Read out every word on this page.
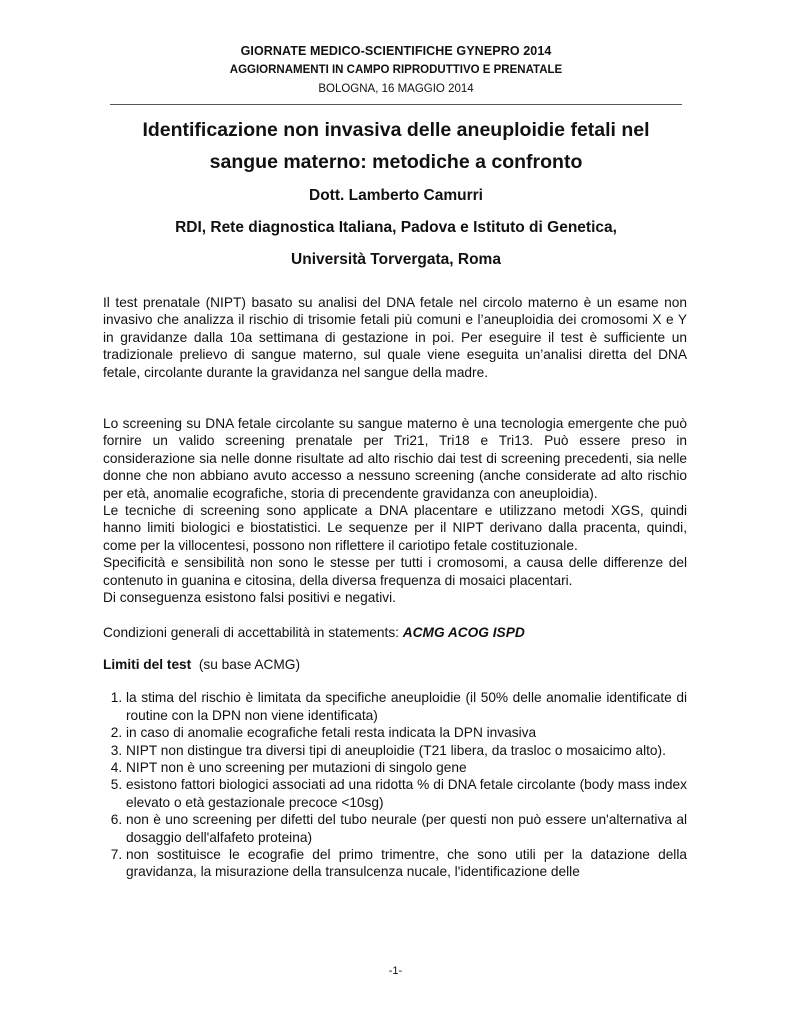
GIORNATE MEDICO-SCIENTIFICHE GYNEPRO 2014
AGGIORNAMENTI IN CAMPO RIPRODUTTIVO E PRENATALE
BOLOGNA, 16 MAGGIO 2014
Identificazione non invasiva delle aneuploidie fetali nel
sangue materno: metodiche a confronto
Dott. Lamberto Camurri
RDI, Rete diagnostica Italiana, Padova e Istituto di Genetica,
Università Torvergata, Roma

Il test prenatale (NIPT) basato su analisi del DNA fetale nel circolo materno è un esame non invasivo che analizza il rischio di trisomie fetali più comuni e l’aneuploidia dei cromosomi X e Y in gravidanze dalla 10a settimana di gestazione in poi. Per eseguire il test è sufficiente un tradizionale prelievo di sangue materno, sul quale viene eseguita un’analisi diretta del DNA fetale, circolante durante la gravidanza nel sangue della madre.

Lo screening su DNA fetale circolante su sangue materno è una tecnologia emergente che può fornire un valido screening prenatale per Tri21, Tri18 e Tri13. Può essere preso in considerazione sia nelle donne risultate ad alto rischio dai test di screening precedenti, sia nelle donne che non abbiano avuto accesso a nessuno screening (anche considerate ad alto rischio per età, anomalie ecografiche, storia di precendente gravidanza con aneuploidia).

Le tecniche di screening sono applicate a DNA placentare e utilizzano metodi XGS, quindi hanno limiti biologici e biostatistici. Le sequenze per il NIPT derivano dalla pracenta, quindi, come per la villocentesi, possono non riflettere il cariotipo fetale costituzionale.

Specificità e sensibilità non sono le stesse per tutti i cromosomi, a causa delle differenze del contenuto in guanina e citosina, della diversa frequenza di mosaici placentari.

Di conseguenza esistono falsi positivi e negativi.

Condizioni generali di accettabilità in statements: ACMG ACOG ISPD

Limiti del test  (su base ACMG)

1. la stima del rischio è limitata da specifiche aneuploidie (il 50% delle anomalie identificate di routine con la DPN non viene identificata)
2. in caso di anomalie ecografiche fetali resta indicata la DPN invasiva
3. NIPT non distingue tra diversi tipi di aneuploidie (T21 libera, da trasloc o mosaicimo alto).
4. NIPT non è uno screening per mutazioni di singolo gene
5. esistono fattori biologici associati ad una ridotta % di DNA fetale circolante (body mass index elevato o età gestazionale precoce <10sg)
6. non è uno screening per difetti del tubo neurale (per questi non può essere un'alternativa al dosaggio dell'alfafeto proteina)
7. non sostituisce le ecografie del primo trimentre, che sono utili per la datazione della gravidanza, la misurazione della transulcenza nucale, l'identificazione delle
-1-
